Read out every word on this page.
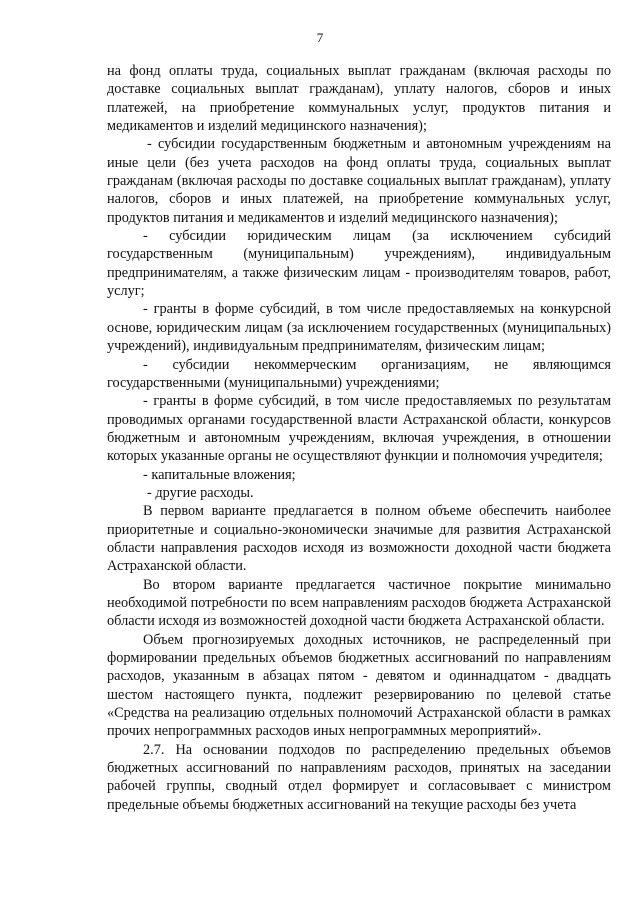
7

на фонд оплаты труда, социальных выплат гражданам (включая расходы по доставке социальных выплат гражданам), уплату налогов, сборов и иных платежей, на приобретение коммунальных услуг, продуктов питания и медикаментов и изделий медицинского назначения);

- субсидии государственным бюджетным и автономным учреждениям на иные цели (без учета расходов на фонд оплаты труда, социальных выплат гражданам (включая расходы по доставке социальных выплат гражданам), уплату налогов, сборов и иных платежей, на приобретение коммунальных услуг, продуктов питания и медикаментов и изделий медицинского назначения);

- субсидии юридическим лицам (за исключением субсидий государственным (муниципальным) учреждениям), индивидуальным предпринимателям, а также физическим лицам - производителям товаров, работ, услуг;

- гранты в форме субсидий, в том числе предоставляемых на конкурсной основе, юридическим лицам (за исключением государственных (муниципальных) учреждений), индивидуальным предпринимателям, физическим лицам;

- субсидии некоммерческим организациям, не являющимся государственными (муниципальными) учреждениями;

- гранты в форме субсидий, в том числе предоставляемых по результатам проводимых органами государственной власти Астраханской области, конкурсов бюджетным и автономным учреждениям, включая учреждения, в отношении которых указанные органы не осуществляют функции и полномочия учредителя;

- капитальные вложения;

- другие расходы.

В первом варианте предлагается в полном объеме обеспечить наиболее приоритетные и социально-экономически значимые для развития Астраханской области направления расходов исходя из возможности доходной части бюджета Астраханской области.

Во втором варианте предлагается частичное покрытие минимально необходимой потребности по всем направлениям расходов бюджета Астраханской области исходя из возможностей доходной части бюджета Астраханской области.

Объем прогнозируемых доходных источников, не распределенный при формировании предельных объемов бюджетных ассигнований по направлениям расходов, указанным в абзацах пятом - девятом и одиннадцатом - двадцать шестом настоящего пункта, подлежит резервированию по целевой статье «Средства на реализацию отдельных полномочий Астраханской области в рамках прочих непрограммных расходов иных непрограммных мероприятий».

2.7. На основании подходов по распределению предельных объемов бюджетных ассигнований по направлениям расходов, принятых на заседании рабочей группы, сводный отдел формирует и согласовывает с министром предельные объемы бюджетных ассигнований на текущие расходы без учета
